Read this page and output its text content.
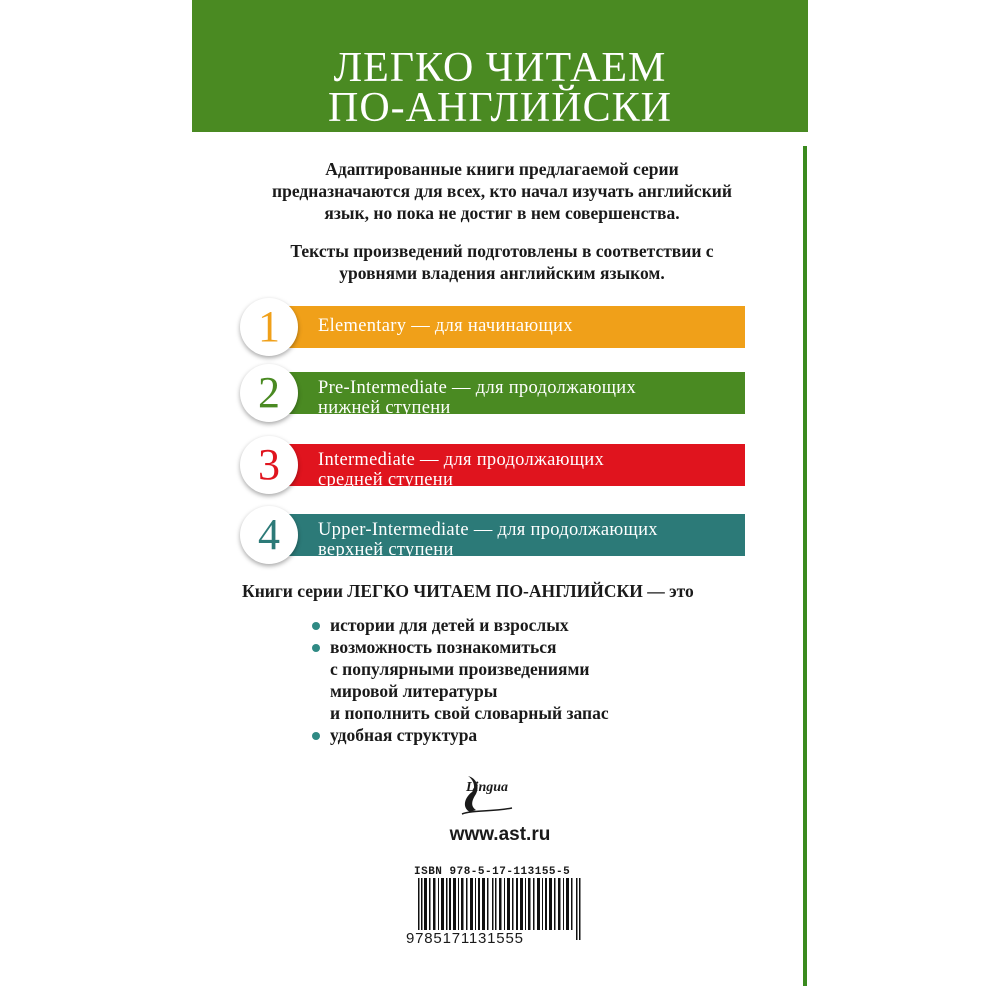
ЛЕГКО ЧИТАЕМ
ПО-АНГЛИЙСКИ
Адаптированные книги предлагаемой серии предназначаются для всех, кто начал изучать английский язык, но пока не достиг в нем совершенства.
Тексты произведений подготовлены в соответствии с уровнями владения английским языком.
1	Elementary — для начинающих
2	Pre-Intermediate — для продолжающих
нижней ступени
3	Intermediate — для продолжающих
средней ступени
4	Upper-Intermediate — для продолжающих
верхней ступени
Книги серии ЛЕГКО ЧИТАЕМ ПО-АНГЛИЙСКИ — это
истории для детей и взрослых
возможность познакомиться
с популярными произведениями
мировой литературы
и пополнить свой словарный запас
удобная структура
Lingua
www.ast.ru
ISBN 978-5-17-113155-5
9785171131555
